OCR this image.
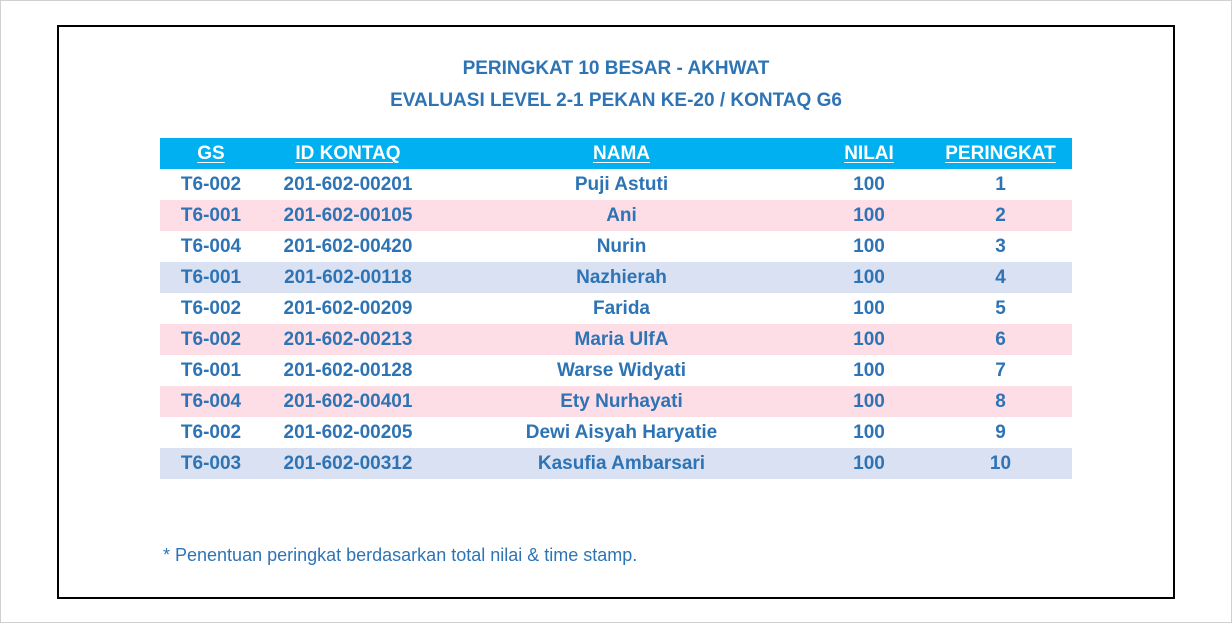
PERINGKAT 10 BESAR - AKHWAT
EVALUASI LEVEL 2-1 PEKAN KE-20 / KONTAQ G6
GS	ID KONTAQ	NAMA	NILAI	PERINGKAT
T6-002	201-602-00201	Puji Astuti	100	1
T6-001	201-602-00105	Ani	100	2
T6-004	201-602-00420	Nurin	100	3
T6-001	201-602-00118	Nazhierah	100	4
T6-002	201-602-00209	Farida	100	5
T6-002	201-602-00213	Maria UlfA	100	6
T6-001	201-602-00128	Warse Widyati	100	7
T6-004	201-602-00401	Ety Nurhayati	100	8
T6-002	201-602-00205	Dewi Aisyah Haryatie	100	9
T6-003	201-602-00312	Kasufia Ambarsari	100	10
* Penentuan peringkat berdasarkan total nilai & time stamp.
